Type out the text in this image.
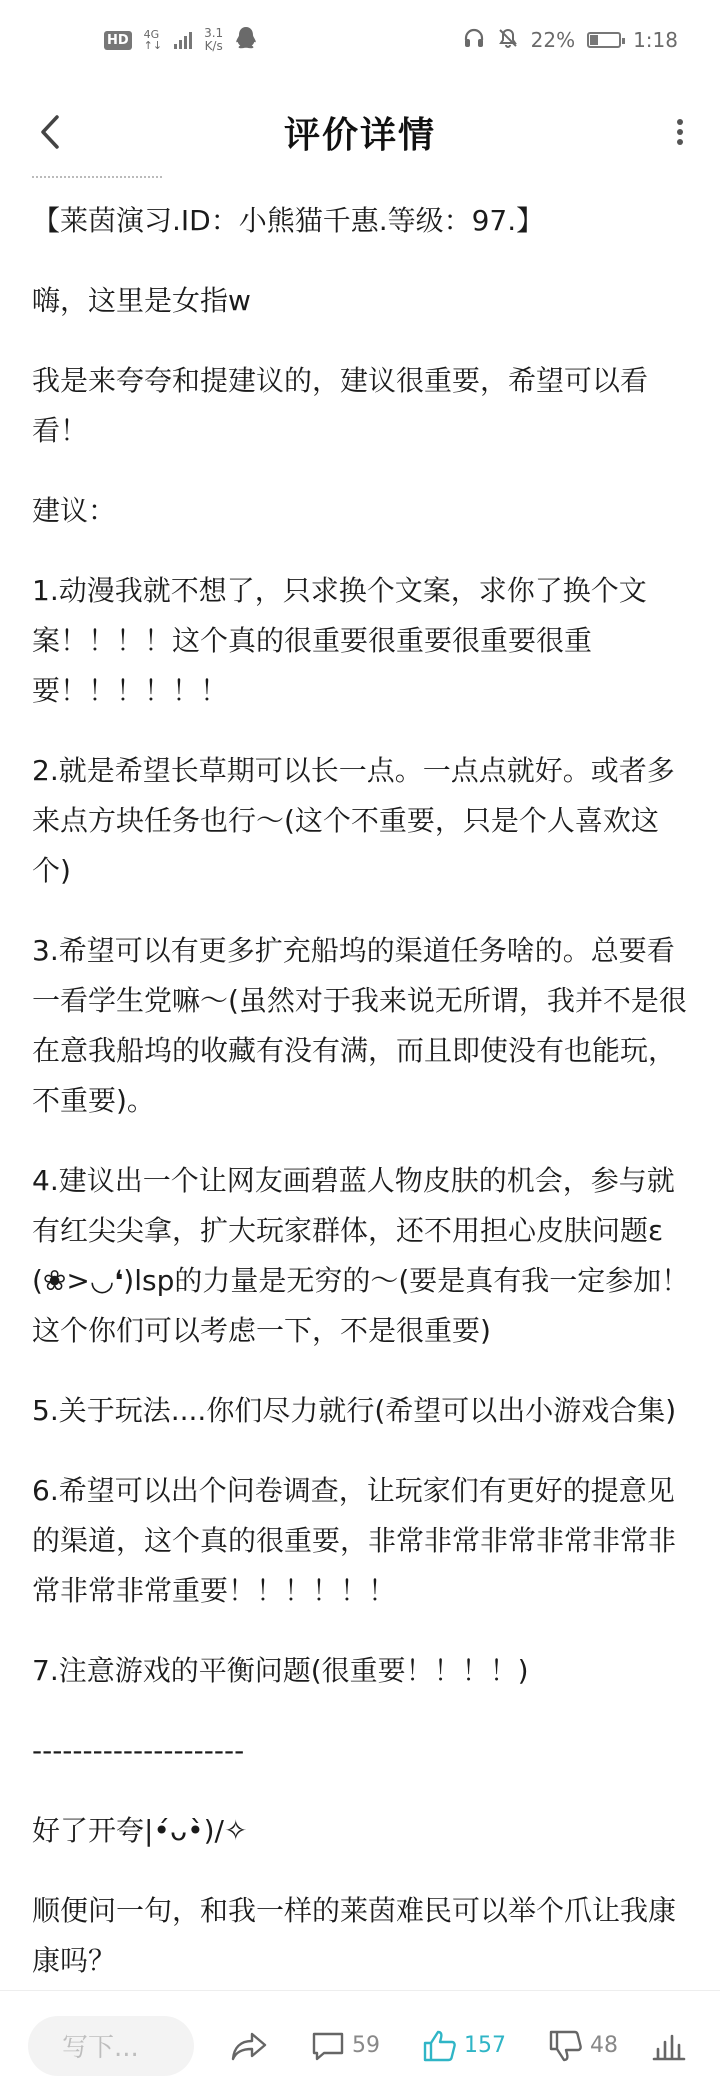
HD 4G
↑↓
3.1
K/s	22%	1:18
评价详情

【莱茵演习.ID：小熊猫千惠.等级：97.】

嗨，这里是女指w

我是来夸夸和提建议的，建议很重要，希望可以看看！

建议：

1.动漫我就不想了，只求换个文案，求你了换个文案！！！！这个真的很重要很重要很重要很重要！！！！！！

2.就是希望长草期可以长一点。一点点就好。或者多来点方块任务也行～(这个不重要，只是个人喜欢这个)

3.希望可以有更多扩充船坞的渠道任务啥的。总要看一看学生党嘛～(虽然对于我来说无所谓，我并不是很在意我船坞的收藏有没有满，而且即使没有也能玩，不重要)。

4.建议出一个让网友画碧蓝人物皮肤的机会，参与就有红尖尖拿，扩大玩家群体，还不用担心皮肤问题ε(❀>◡❛)lsp的力量是无穷的～(要是真有我一定参加！这个你们可以考虑一下，不是很重要)

5.关于玩法....你们尽力就行(希望可以出小游戏合集)

6.希望可以出个问卷调查，让玩家们有更好的提意见的渠道，这个真的很重要，非常非常非常非常非常非常非常非常重要！！！！！！

7.注意游戏的平衡问题(很重要！！！！)

---------------------

好了开夸|•́ᴗ•̀)/✧

顺便问一句，和我一样的莱茵难民可以举个爪让我康康吗？

写下...	59	157	48
